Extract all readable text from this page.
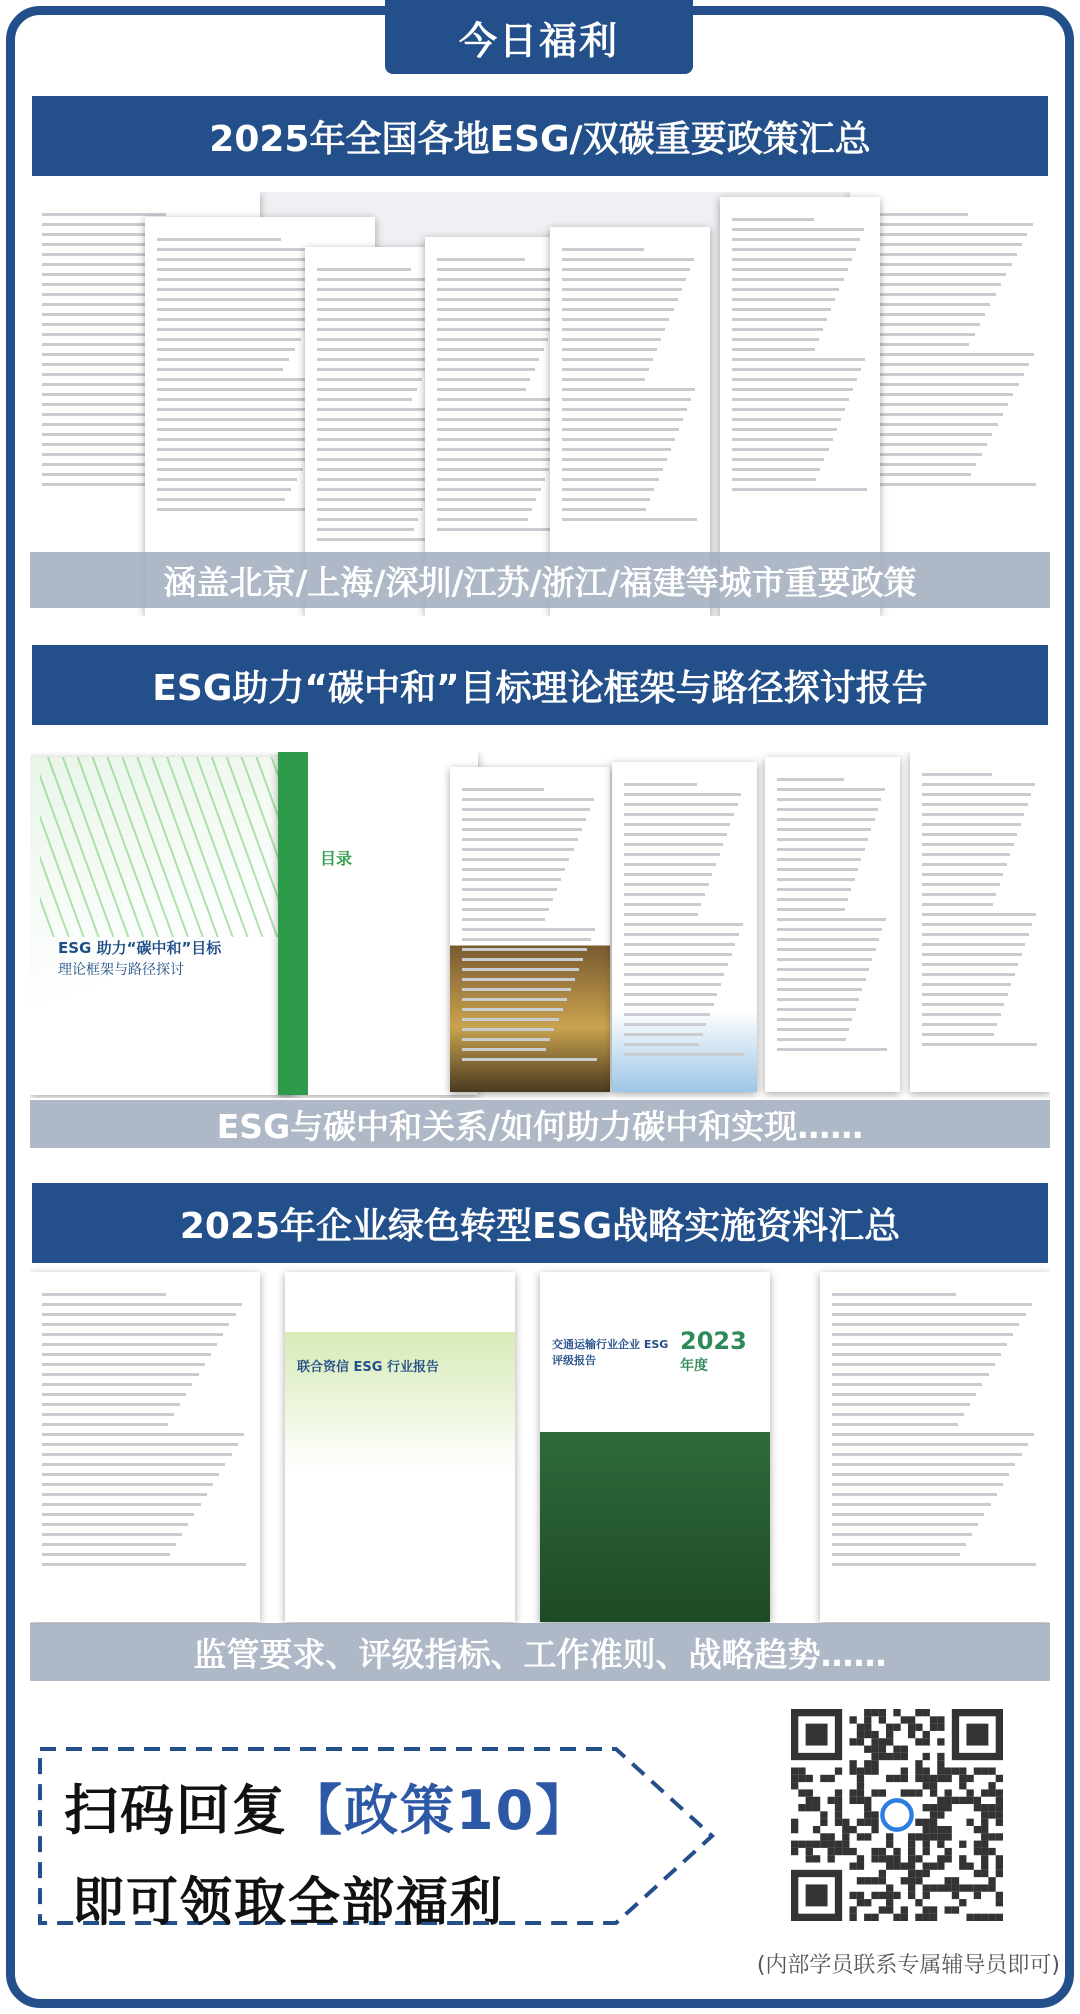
今日福利
2025年全国各地ESG/双碳重要政策汇总
涵盖北京/上海/深圳/江苏/浙江/福建等城市重要政策
ESG助力“碳中和”目标理论框架与路径探讨报告
ESG 助力“碳中和”目标
理论框架与路径探讨
目录
ESG与碳中和关系/如何助力碳中和实现……
2025年企业绿色转型ESG战略实施资料汇总
联合资信 ESG 行业报告
交通运输行业企业 ESG评级报告
2023
年度
监管要求、评级指标、工作准则、战略趋势……
扫码回复【政策10】
即可领取全部福利
(内部学员联系专属辅导员即可)
